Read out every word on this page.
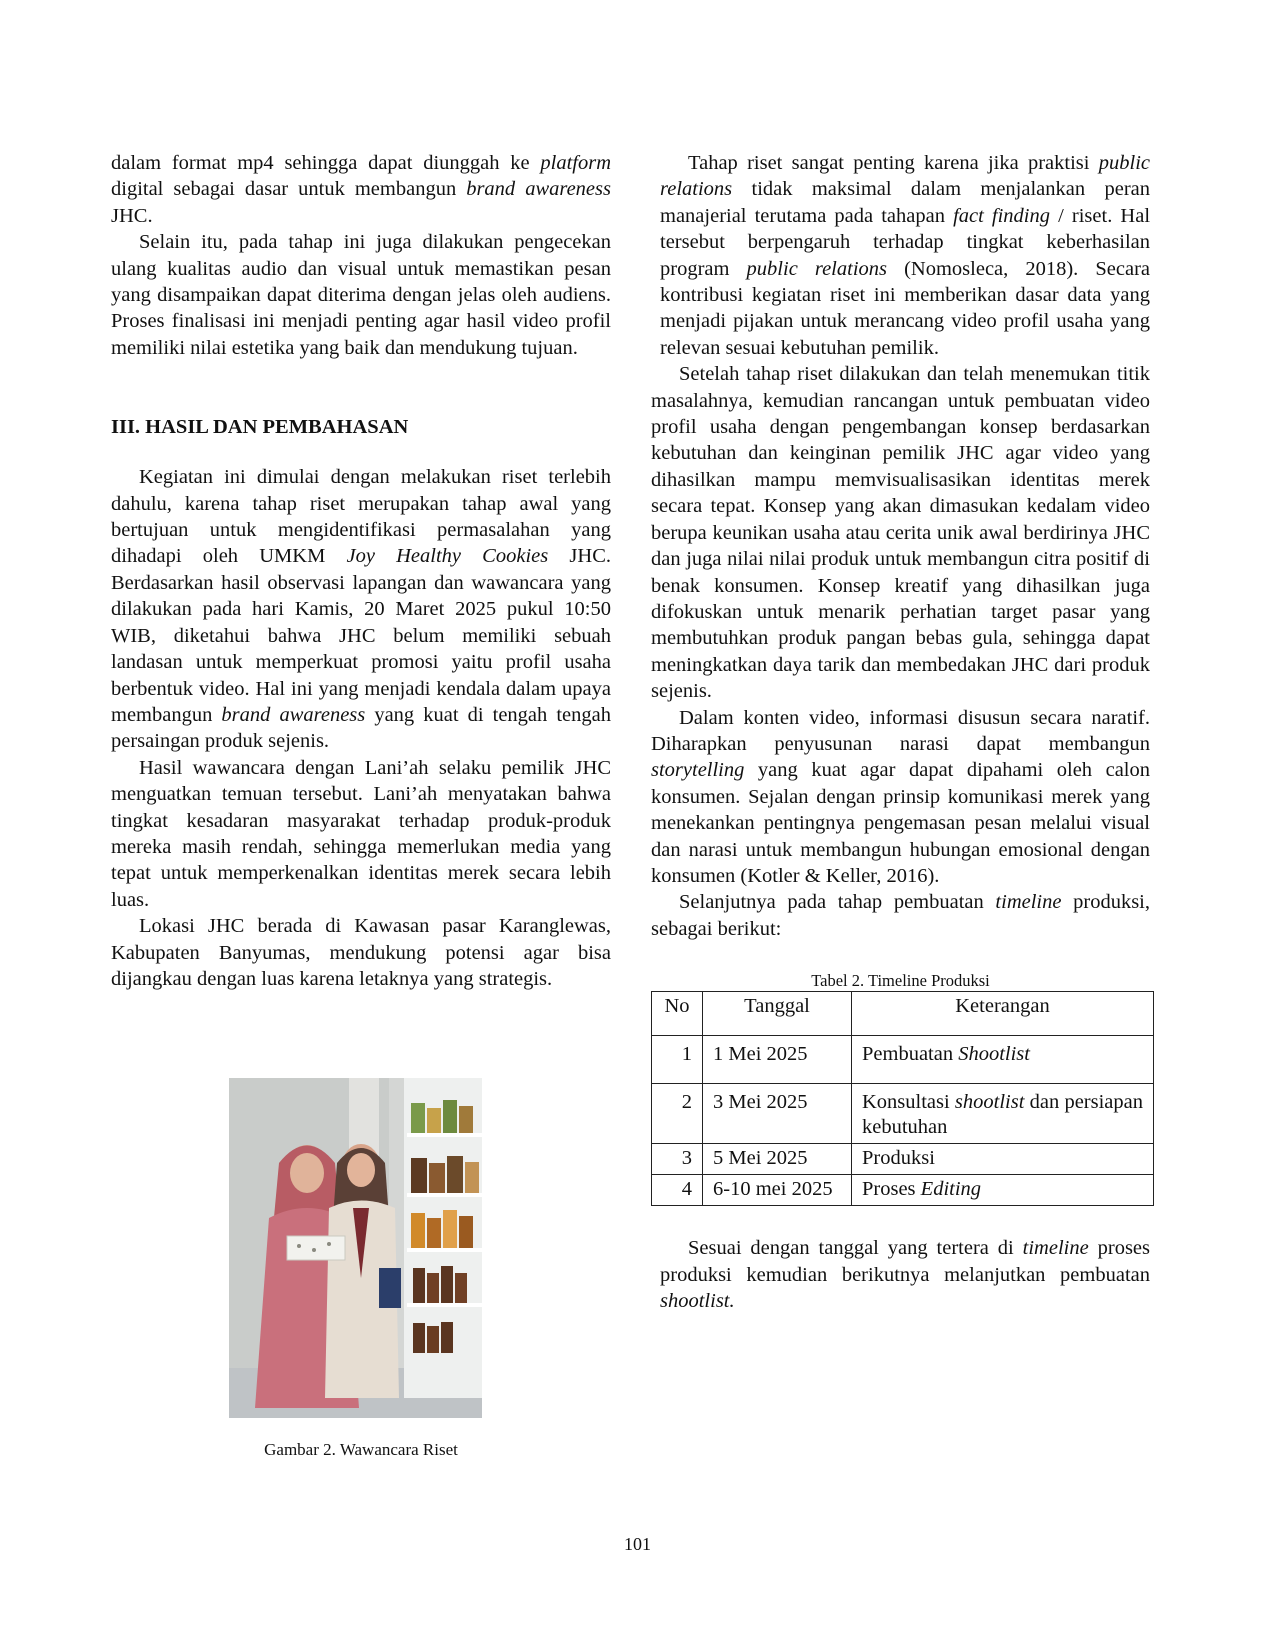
dalam format mp4 sehingga dapat diunggah ke platform digital sebagai dasar untuk membangun brand awareness JHC.

Selain itu, pada tahap ini juga dilakukan pengecekan ulang kualitas audio dan visual untuk memastikan pesan yang disampaikan dapat diterima dengan jelas oleh audiens. Proses finalisasi ini menjadi penting agar hasil video profil memiliki nilai estetika yang baik dan mendukung tujuan.

III. HASIL DAN PEMBAHASAN

Kegiatan ini dimulai dengan melakukan riset terlebih dahulu, karena tahap riset merupakan tahap awal yang bertujuan untuk mengidentifikasi permasalahan yang dihadapi oleh UMKM Joy Healthy Cookies JHC. Berdasarkan hasil observasi lapangan dan wawancara yang dilakukan pada hari Kamis, 20 Maret 2025 pukul 10:50 WIB, diketahui bahwa JHC belum memiliki sebuah landasan untuk memperkuat promosi yaitu profil usaha berbentuk video. Hal ini yang menjadi kendala dalam upaya membangun brand awareness yang kuat di tengah tengah persaingan produk sejenis.

Hasil wawancara dengan Lani’ah selaku pemilik JHC menguatkan temuan tersebut. Lani’ah menyatakan bahwa tingkat kesadaran masyarakat terhadap produk-produk mereka masih rendah, sehingga memerlukan media yang tepat untuk memperkenalkan identitas merek secara lebih luas.

Lokasi JHC berada di Kawasan pasar Karanglewas, Kabupaten Banyumas, mendukung potensi agar bisa dijangkau dengan luas karena letaknya yang strategis.

Gambar 2. Wawancara Riset

Tahap riset sangat penting karena jika praktisi public relations tidak maksimal dalam menjalankan peran manajerial terutama pada tahapan fact finding / riset. Hal tersebut berpengaruh terhadap tingkat keberhasilan program public relations (Nomosleca, 2018). Secara kontribusi kegiatan riset ini memberikan dasar data yang menjadi pijakan untuk merancang video profil usaha yang relevan sesuai kebutuhan pemilik.

Setelah tahap riset dilakukan dan telah menemukan titik masalahnya, kemudian rancangan untuk pembuatan video profil usaha dengan pengembangan konsep berdasarkan kebutuhan dan keinginan pemilik JHC agar video yang dihasilkan mampu memvisualisasikan identitas merek secara tepat. Konsep yang akan dimasukan kedalam video berupa keunikan usaha atau cerita unik awal berdirinya JHC dan juga nilai nilai produk untuk membangun citra positif di benak konsumen. Konsep kreatif yang dihasilkan juga difokuskan untuk menarik perhatian target pasar yang membutuhkan produk pangan bebas gula, sehingga dapat meningkatkan daya tarik dan membedakan JHC dari produk sejenis.

Dalam konten video, informasi disusun secara naratif. Diharapkan penyusunan narasi dapat membangun storytelling yang kuat agar dapat dipahami oleh calon konsumen. Sejalan dengan prinsip komunikasi merek yang menekankan pentingnya pengemasan pesan melalui visual dan narasi untuk membangun hubungan emosional dengan konsumen (Kotler & Keller, 2016).

Selanjutnya pada tahap pembuatan timeline produksi, sebagai berikut:

Tabel 2. Timeline Produksi
No	Tanggal	Keterangan
1	1 Mei 2025	Pembuatan Shootlist
2	3 Mei 2025	Konsultasi shootlist dan persiapan kebutuhan
3	5 Mei 2025	Produksi
4	6-10 mei 2025	Proses Editing

Sesuai dengan tanggal yang tertera di timeline proses produksi kemudian berikutnya melanjutkan pembuatan shootlist.

101
